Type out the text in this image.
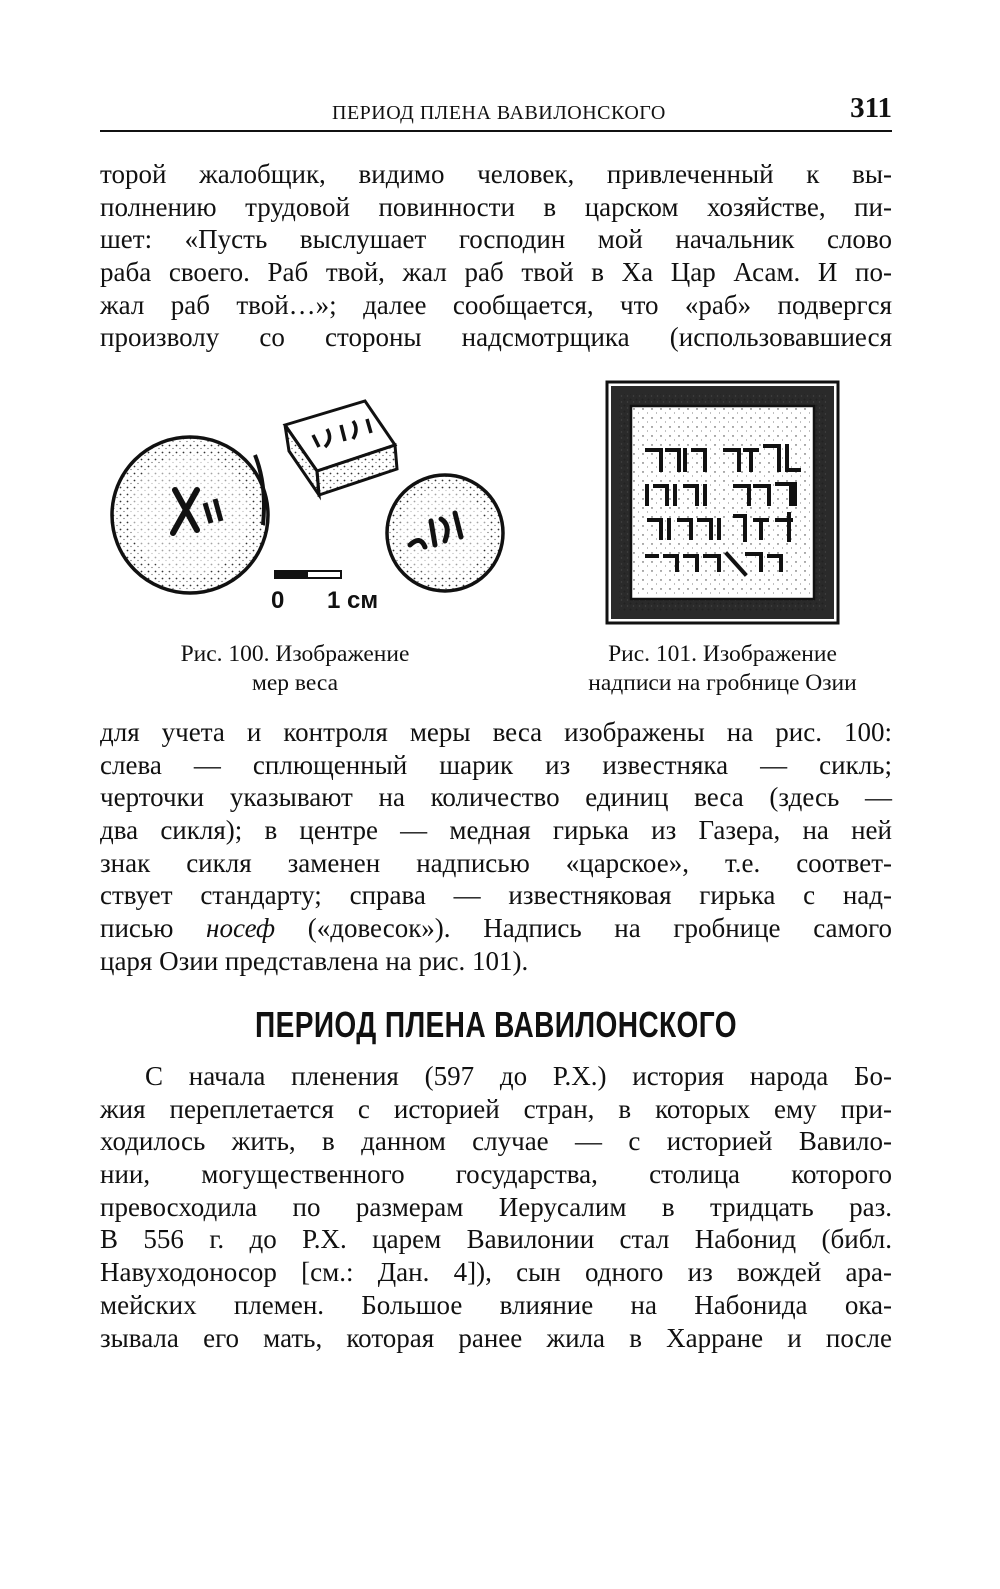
ПЕРИОД ПЛЕНА ВАВИЛОНСКОГО	311
торой жалобщик, видимо человек, привлеченный к вы-
полнению трудовой повинности в царском хозяйстве, пи-
шет: «Пусть выслушает господин мой начальник слово
раба своего. Раб твой, жал раб твой в Ха Цар Асам. И по-
жал раб твой…»; далее сообщается, что «раб» подвергся
произволу со стороны надсмотрщика (использовавшиеся
0 1 см
Рис. 100. Изображение
мер веса
Рис. 101. Изображение
надписи на гробнице Озии
для учета и контроля меры веса изображены на рис. 100:
слева — сплющенный шарик из известняка — сикль;
черточки указывают на количество единиц веса (здесь —
два сикля); в центре — медная гирька из Газера, на ней
знак сикля заменен надписью «царское», т.е. соответ-
ствует стандарту; справа — известняковая гирька с над-
писью носеф («довесок»). Надпись на гробнице самого
царя Озии представлена на рис. 101).
ПЕРИОД ПЛЕНА ВАВИЛОНСКОГО
С начала пленения (597 до Р.Х.) история народа Бо-
жия переплетается с историей стран, в которых ему при-
ходилось жить, в данном случае — с историей Вавило-
нии, могущественного государства, столица которого
превосходила по размерам Иерусалим в тридцать раз.
В 556 г. до Р.Х. царем Вавилонии стал Набонид (библ.
Навуходоносор [см.: Дан. 4]), сын одного из вождей ара-
мейских племен. Большое влияние на Набонида ока-
зывала его мать, которая ранее жила в Харране и после
